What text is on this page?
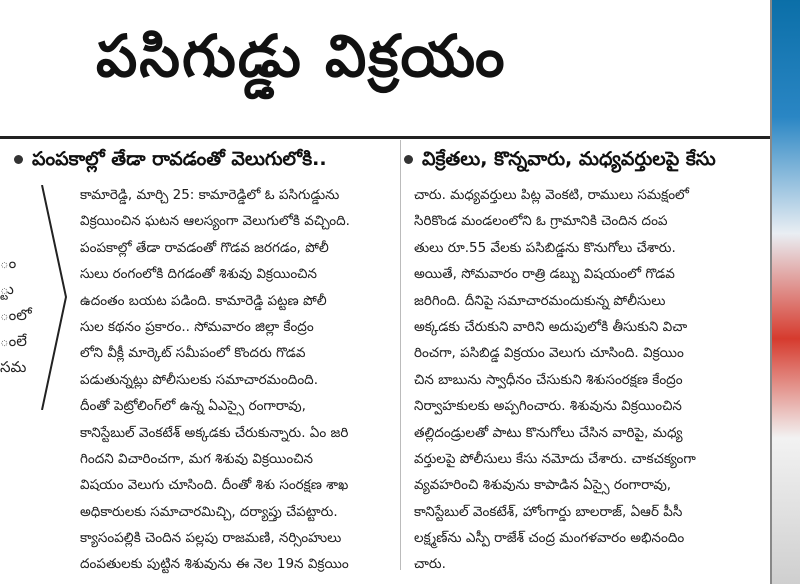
పసిగుడ్డు విక్రయం
ం
్టు
ంలో
ంలే
సమ
పంపకాల్లో తేడా రావడంతో వెలుగులోకి..	విక్రేతలు, కొన్నవారు, మధ్యవర్తులపై కేసు
కామారెడ్డి, మార్చి 25: కామారెడ్డిలో ఓ పసిగుడ్డును
విక్రయించిన ఘటన ఆలస్యంగా వెలుగులోకి వచ్చింది.
పంపకాల్లో తేడా రావడంతో గొడవ జరగడం, పోలీ
సులు రంగంలోకి దిగడంతో శిశువు విక్రయించిన
ఉదంతం బయట పడింది. కామారెడ్డి పట్టణ పోలీ
సుల కథనం ప్రకారం.. సోమవారం జిల్లా కేంద్రం
లోని వీక్లీ మార్కెట్ సమీపంలో కొందరు గొడవ
పడుతున్నట్లు పోలీసులకు సమాచారమందింది.
దీంతో పెట్రోలింగ్‌లో ఉన్న ఏఎస్సై రంగారావు,
కానిస్టేబుల్ వెంకటేశ్ అక్కడకు చేరుకున్నారు. ఏం జరి
గిందని విచారించగా, మగ శిశువు విక్రయించిన
విషయం వెలుగు చూసింది. దీంతో శిశు సంరక్షణ శాఖ
అధికారులకు సమాచారమిచ్చి, దర్యాప్తు చేపట్టారు.
క్యాసంపల్లికి చెందిన పల్లపు రాజమణి, నర్సింహులు
దంపతులకు పుట్టిన శిశువును ఈ నెల 19న విక్రయిం
చారు. మధ్యవర్తులు పిట్ల వెంకటి, రాములు సమక్షంలో
సిరికొండ మండలంలోని ఓ గ్రామానికి చెందిన దంప
తులు రూ.55 వేలకు పసిబిడ్డను కొనుగోలు చేశారు.
అయితే, సోమవారం రాత్రి డబ్బు విషయంలో గొడవ
జరిగింది. దీనిపై సమాచారమందుకున్న పోలీసులు
అక్కడకు చేరుకుని వారిని అదుపులోకి తీసుకుని విచా
రించగా, పసిబిడ్డ విక్రయం వెలుగు చూసింది. విక్రయిం
చిన బాబును స్వాధీనం చేసుకుని శిశుసంరక్షణ కేంద్రం
నిర్వాహకులకు అప్పగించారు. శిశువును విక్రయించిన
తల్లిదండ్రులతో పాటు కొనుగోలు చేసిన వారిపై, మధ్య
వర్తులపై పోలీసులు కేసు నమోదు చేశారు. చాకచక్యంగా
వ్యవహరించి శిశువును కాపాడిన ఏస్సై రంగారావు,
కానిస్టేబుల్ వెంకటేశ్, హోంగార్డు బాలరాజ్, ఏఆర్ పీసీ
లక్ష్మణ్‌ను ఎస్పీ రాజేశ్ చంద్ర మంగళవారం అభినందిం
చారు.
